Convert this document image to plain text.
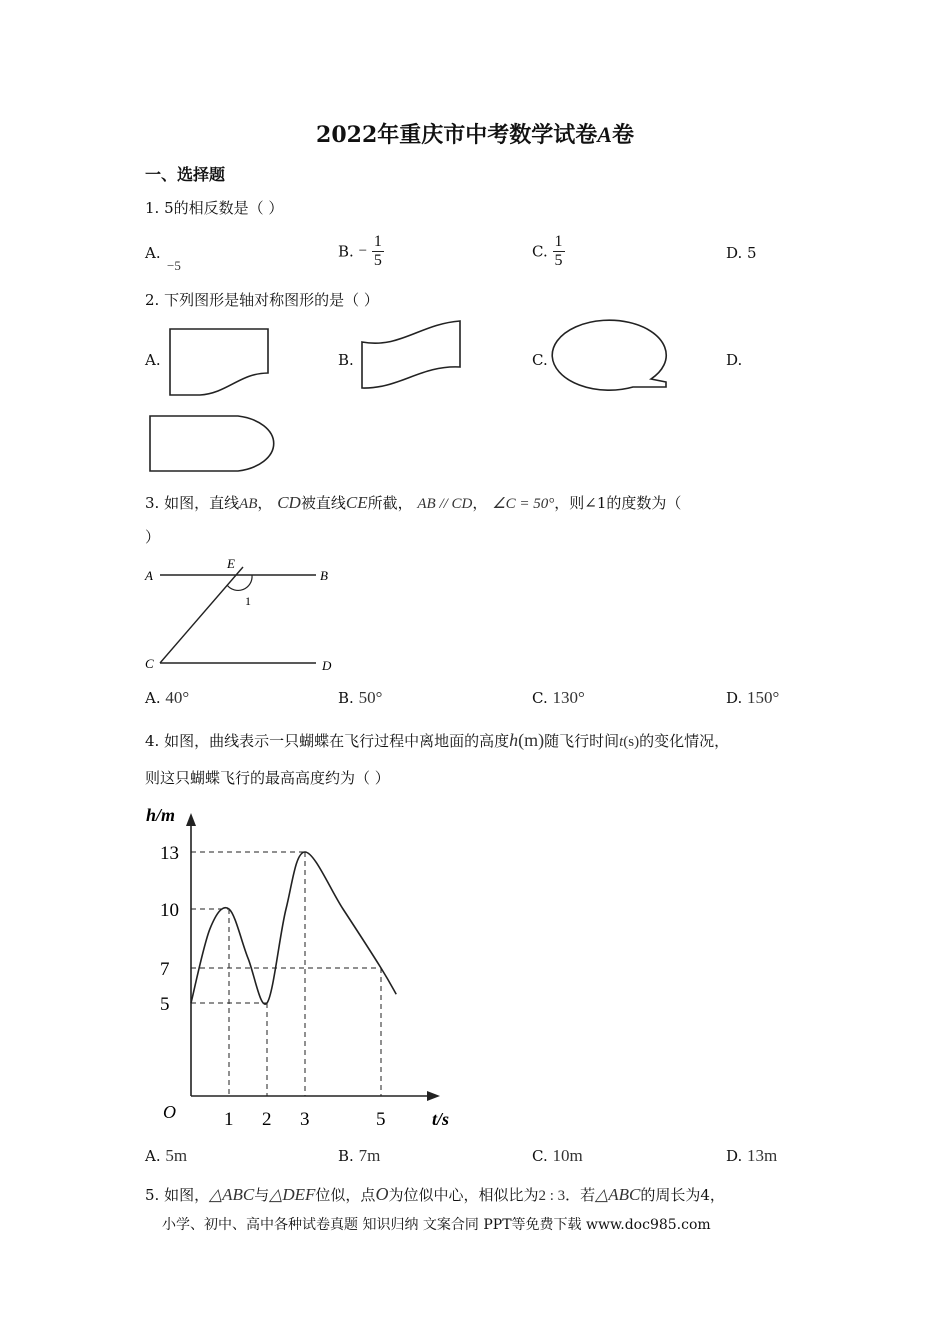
2022年重庆市中考数学试卷A卷
一、选择题
1. 5的相反数是（ ）
A.
−5
B. − $\frac{1}{5}$	C. $\frac{1}{5}$	D. 5
2. 下列图形是轴对称图形的是（ ）
A.	B.	C.	D.
3. 如图，直线AB， CD被直线CE所截， AB // CD， ∠C = 50°，则∠1的度数为（
）
A	B
C	D
E
1
A. 40°	B. 50°	C. 130°	D. 150°
4. 如图，曲线表示一只蝴蝶在飞行过程中离地面的高度h(m)随飞行时间t(s)的变化情况，
则这只蝴蝶飞行的最高高度约为（ ）
h/m
t/s
O
5
7
10
13
1 2 3	5
A. 5m	B. 7m	C. 10m	D. 13m
5. 如图，△ABC与△DEF位似，点O为位似中心，相似比为2 : 3．若△ABC的周长为4，
小学、初中、高中各种试卷真题 知识归纳 文案合同 PPT等免费下载 www.doc985.com
